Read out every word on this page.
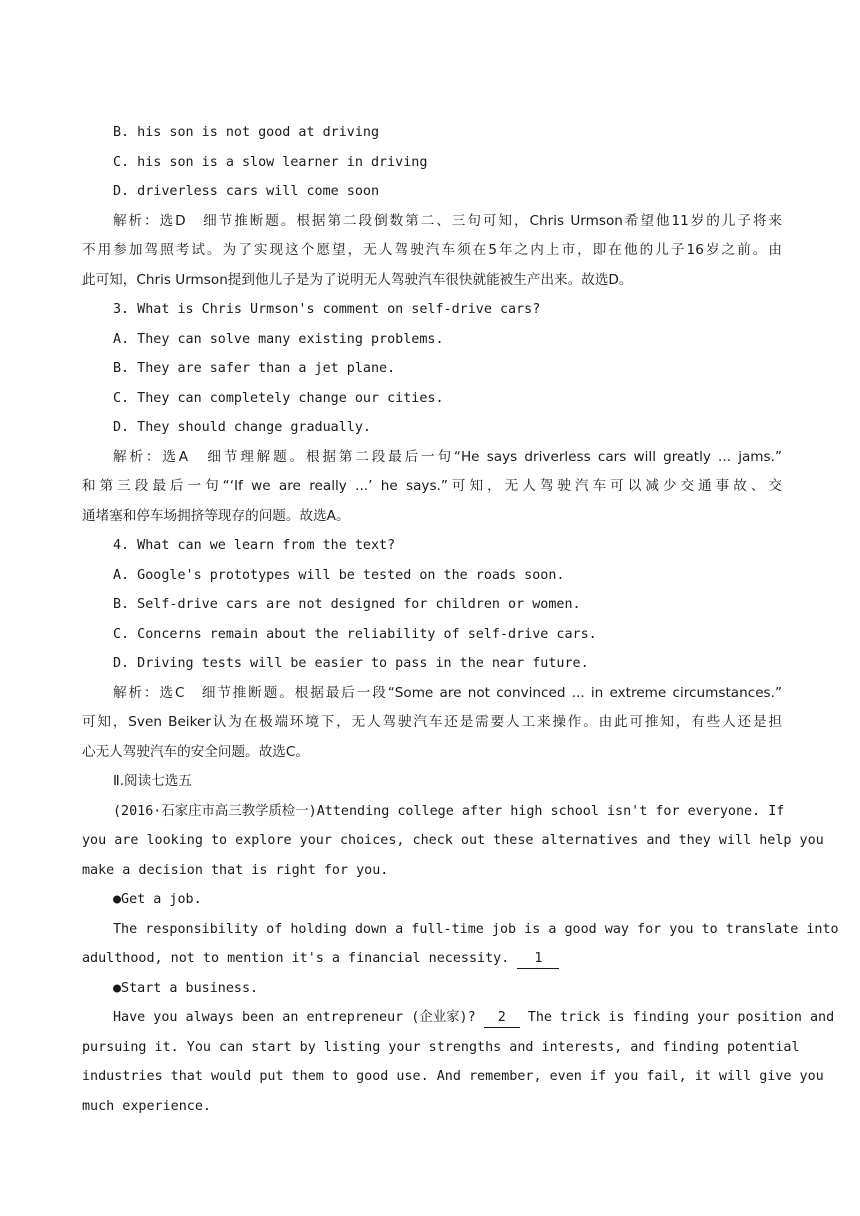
B. his son is not good at driving
C. his son is a slow learner in driving
D. driverless cars will come soon
解析：选D　细节推断题。根据第二段倒数第二、三句可知，Chris Urmson希望他11岁的儿子将来
不用参加驾照考试。为了实现这个愿望，无人驾驶汽车须在5年之内上市，即在他的儿子16岁之前。由
此可知，Chris Urmson提到他儿子是为了说明无人驾驶汽车很快就能被生产出来。故选D。
3. What is Chris Urmson's comment on self-drive cars?
A. They can solve many existing problems.
B. They are safer than a jet plane.
C. They can completely change our cities.
D. They should change gradually.
解析：选A　细节理解题。根据第二段最后一句“He says driverless cars will greatly ... jams.”
和第三段最后一句“‘If we are really ...’ he says.”可知，无人驾驶汽车可以减少交通事故、交
通堵塞和停车场拥挤等现存的问题。故选A。
4. What can we learn from the text?
A. Google's prototypes will be tested on the roads soon.
B. Self-drive cars are not designed for children or women.
C. Concerns remain about the reliability of self-drive cars.
D. Driving tests will be easier to pass in the near future.
解析：选C　细节推断题。根据最后一段“Some are not convinced ... in extreme circumstances.”
可知，Sven Beiker认为在极端环境下，无人驾驶汽车还是需要人工来操作。由此可推知，有些人还是担
心无人驾驶汽车的安全问题。故选C。
Ⅱ.阅读七选五
(2016·石家庄市高三教学质检一)Attending college after high school isn't for everyone. If
you are looking to explore your choices, check out these alternatives and they will help you
make a decision that is right for you.
●Get a job.
The responsibility of holding down a full-time job is a good way for you to translate into
adulthood, not to mention it's a financial necessity. 1
●Start a business.
Have you always been an entrepreneur (企业家)? 2 The trick is finding your position and
pursuing it. You can start by listing your strengths and interests, and finding potential
industries that would put them to good use. And remember, even if you fail, it will give you
much experience.
